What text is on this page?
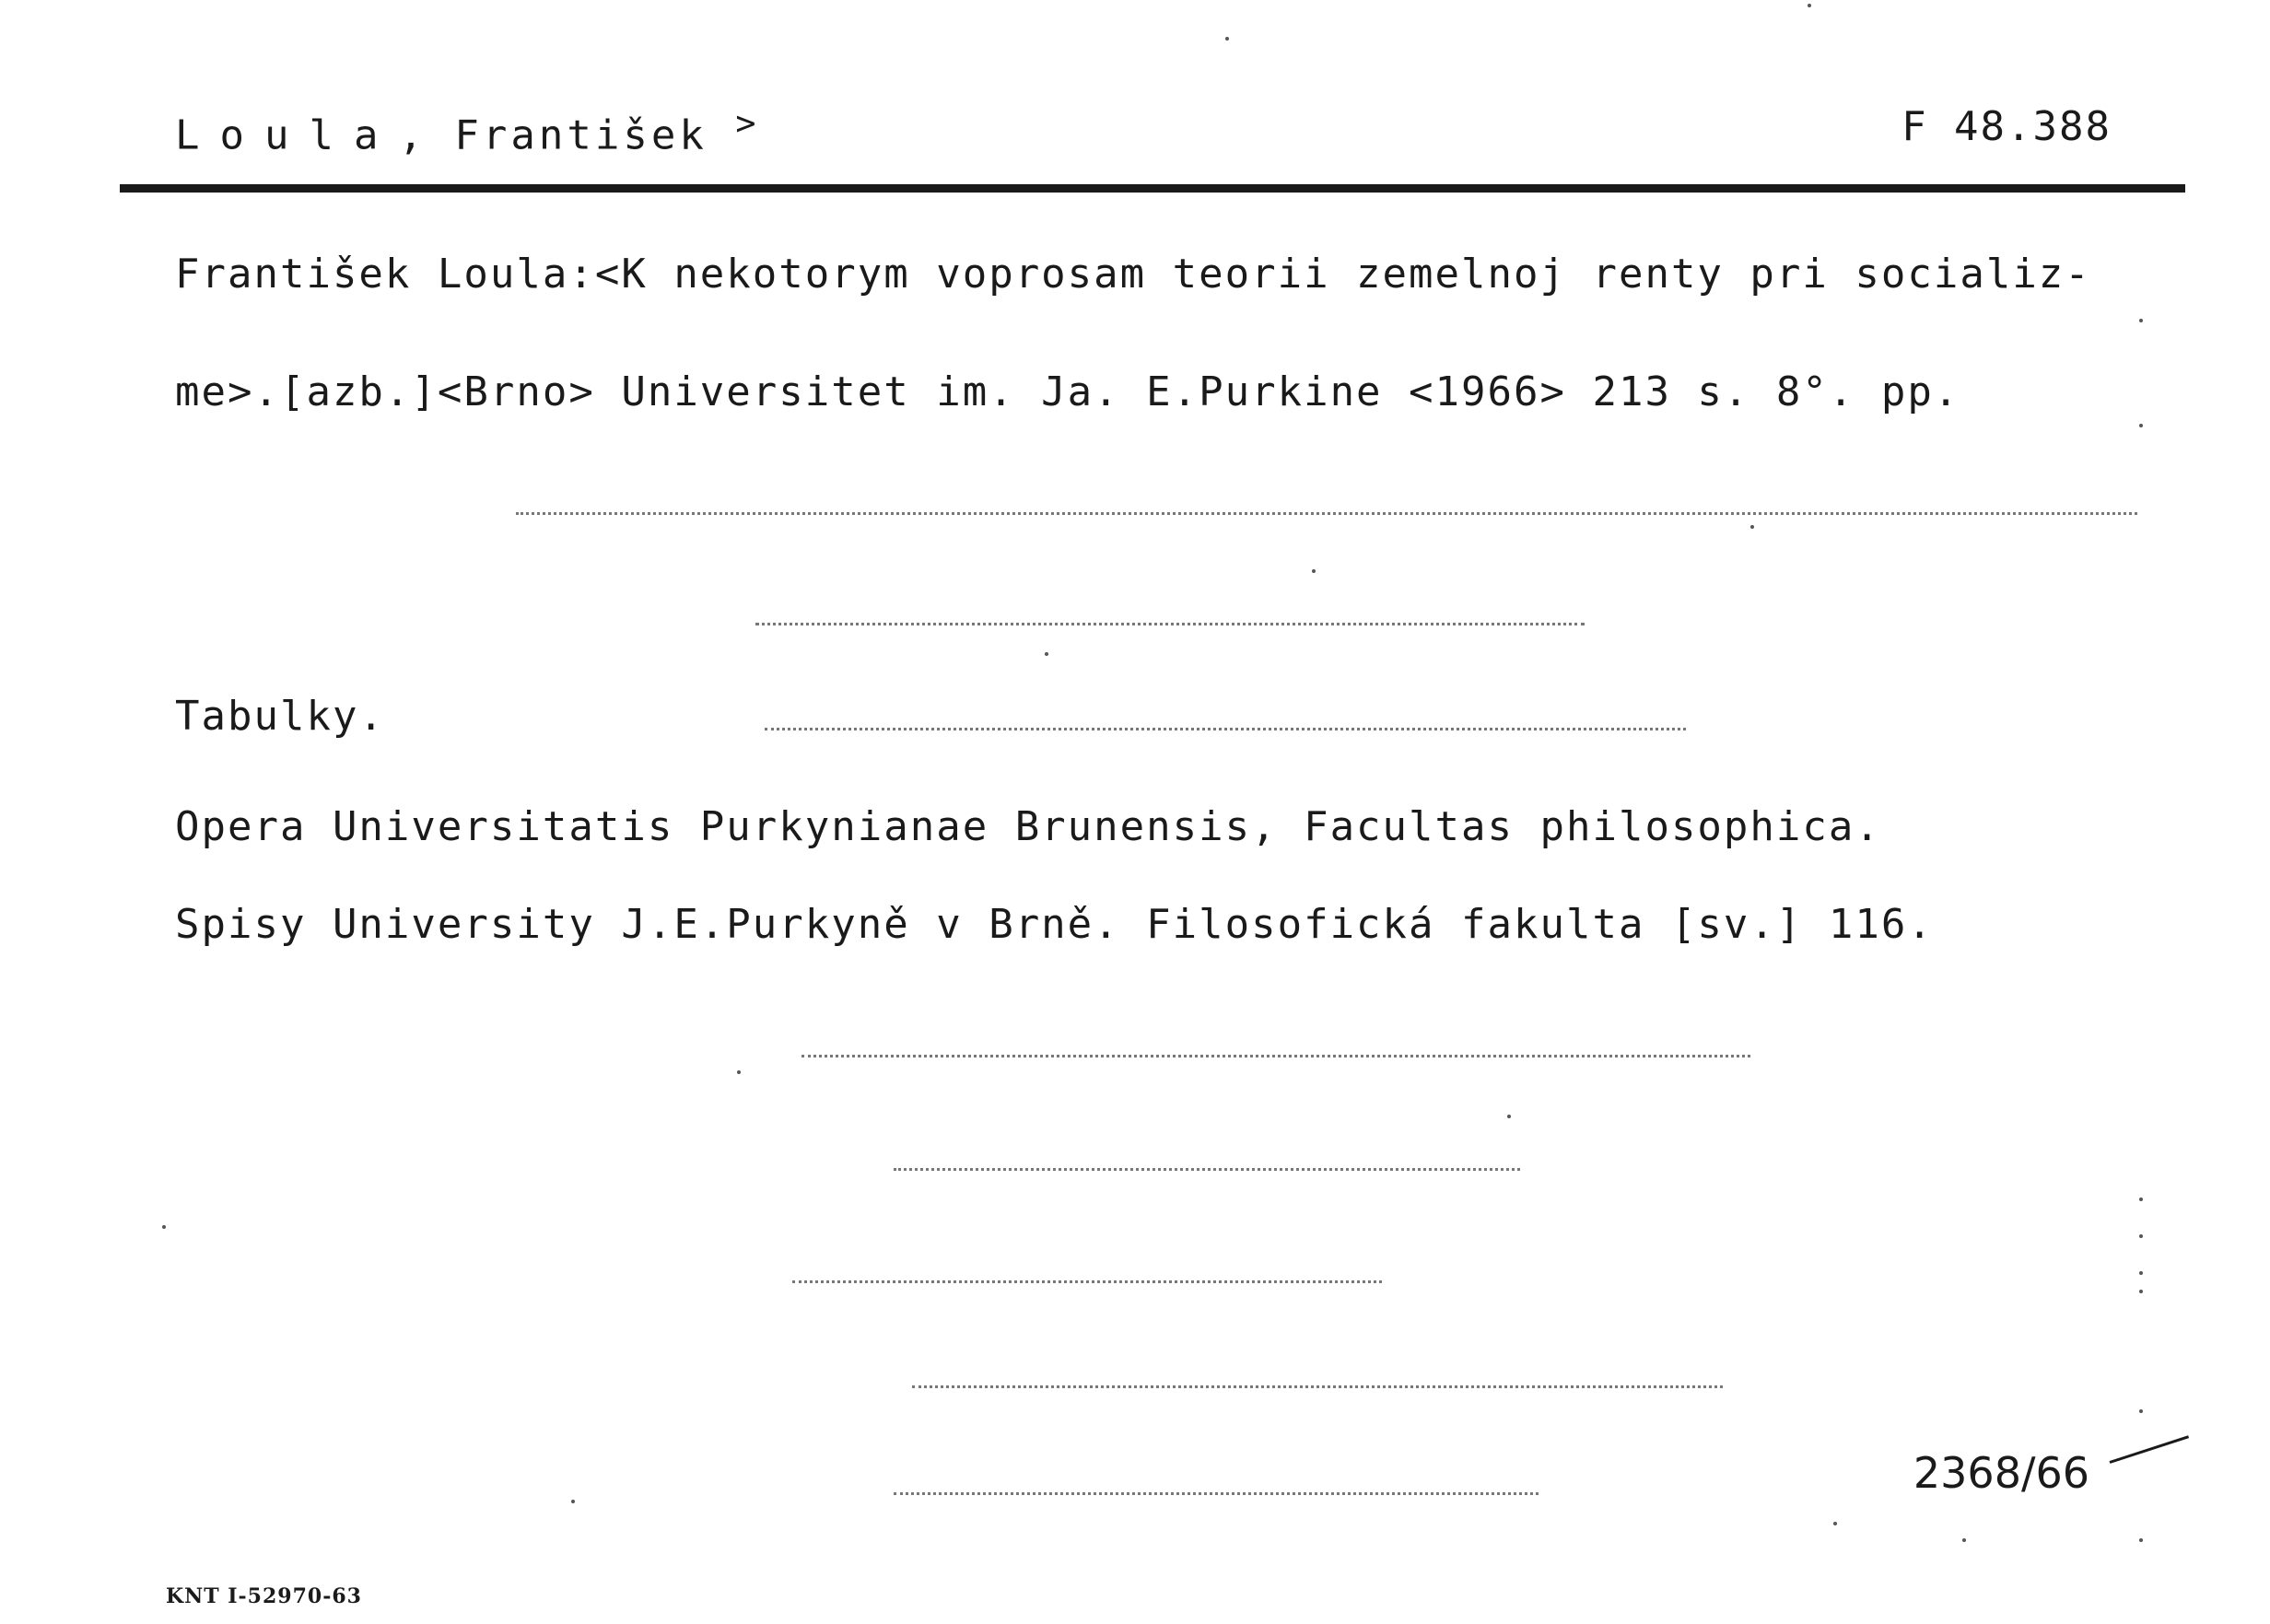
Loula, František >	F 48.388
František Loula:<K nekotorym voprosam teorii zemelnoj renty pri socializ-
me>.[azb.]<Brno> Universitet im. Ja. E.Purkine <1966> 213 s. 8°. pp.
Tabulky.
Opera Universitatis Purkynianae Brunensis, Facultas philosophica.
Spisy University J.E.Purkyně v Brně. Filosofická fakulta [sv.] 116.
2368/66
KNT I-52970-63
